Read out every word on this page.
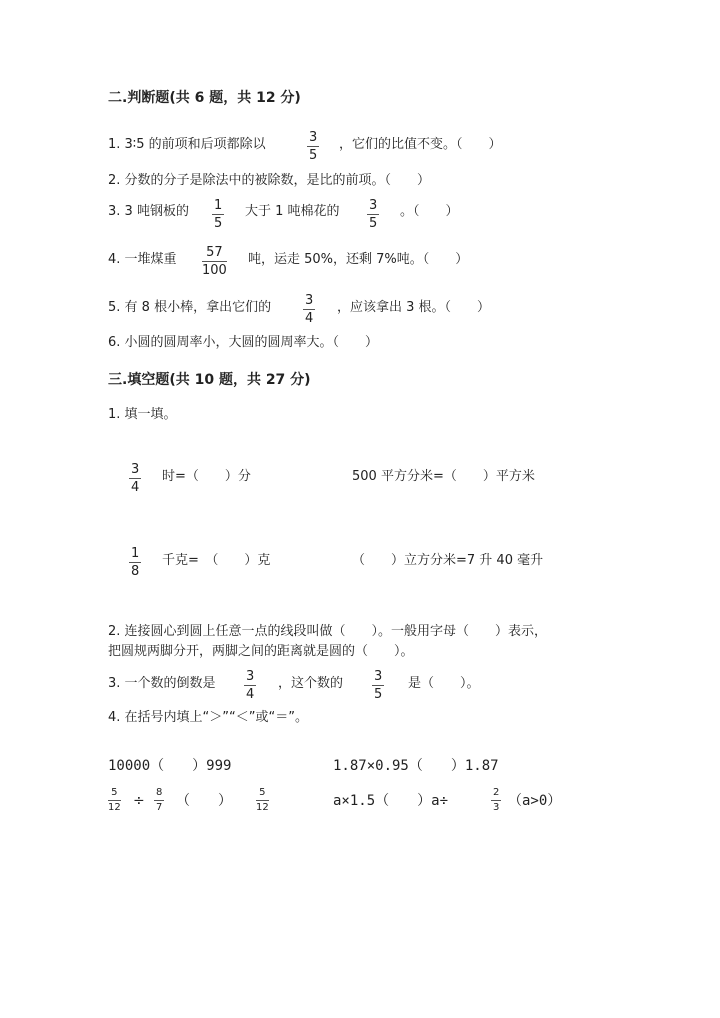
二.判断题(共 6 题，共 12 分)
1. 3∶5 的前项和后项都除以	3
5
，它们的比值不变。（　　）
2. 分数的分子是除法中的被除数，是比的前项。（　　）
3. 3 吨钢板的 1
5
大于 1 吨棉花的 3
5
。（　　）
4. 一堆煤重 57
100
吨，运走 50%，还剩 7%吨。（　　）
5. 有 8 根小棒，拿出它们的	3
4
，应该拿出 3 根。（　　）
6. 小圆的圆周率小，大圆的圆周率大。（　　）
三.填空题(共 10 题，共 27 分)
1. 填一填。
3
4
时=（　　）分	500 平方分米=（　　）平方米
1
8
千克=　（　　）克	（　　）立方分米=7 升 40 毫升
2. 连接圆心到圆上任意一点的线段叫做（　　）。一般用字母（　　）表示，
把圆规两脚分开，两脚之间的距离就是圆的（　　）。
3. 一个数的倒数是 3
4
，这个数的 3
5
是（　　）。
4. 在括号内填上“＞”“＜”或“＝”。
10000（　　）999	1.87×0.95（　　）1.87
5
12 ÷
8
7 （　　）
5
12	a×1.5（　　）a÷
2
3 （a>0）
